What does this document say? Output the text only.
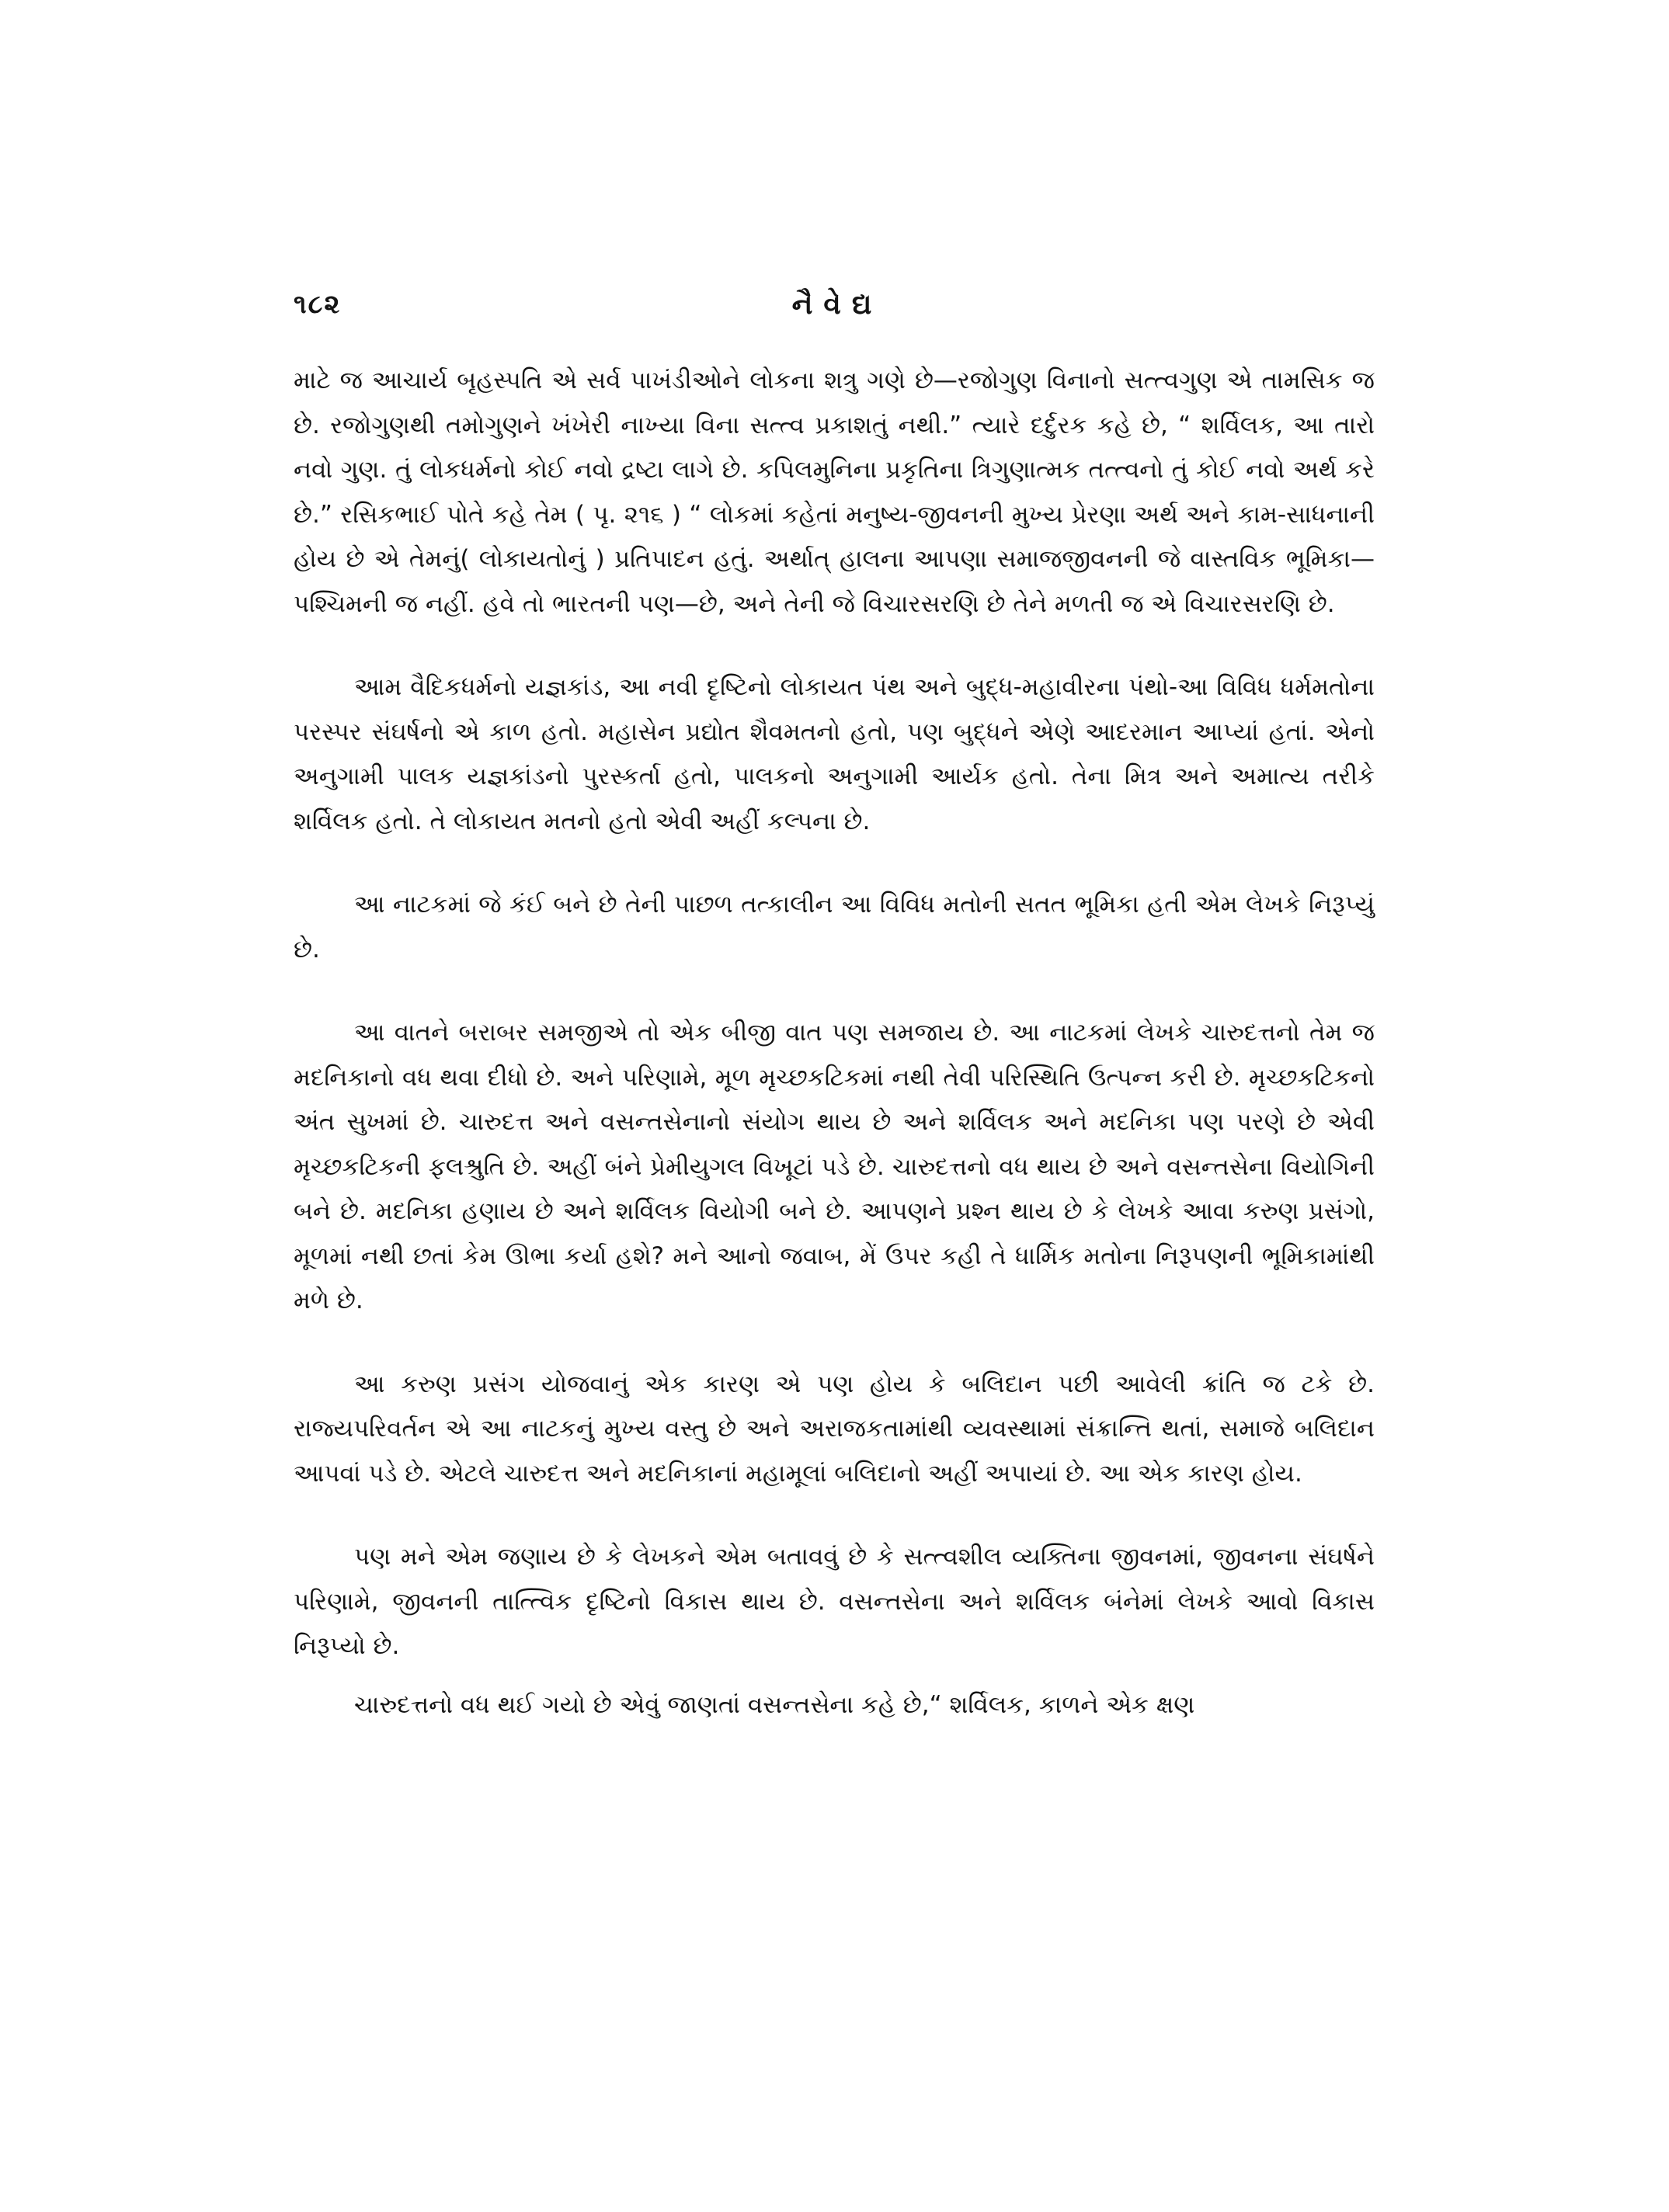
૧૮૨	નૈવેદ્ય

માટે જ આચાર્ય બૃહસ્પતિ એ સર્વ પાખંડીઓને લોકના શત્રુ ગણે છે—રજોગુણ વિનાનો સત્ત્વગુણ એ તામસિક જ છે. રજોગુણથી તમોગુણને ખંખેરી નાખ્યા વિના સત્ત્વ પ્રકાશતું નથી.” ત્યારે દર્દુરક કહે છે, “ શર્વિલક, આ તારો નવો ગુણ. તું લોકધર્મનો કોઈ નવો દ્રષ્ટા લાગે છે. કપિલમુનિના પ્રકૃતિના ત્રિગુણાત્મક તત્ત્વનો તું કોઈ નવો અર્થ કરે છે.” રસિકભાઈ પોતે કહે તેમ ( પૃ. ૨૧૬ ) “ લોકમાં કહેતાં મનુષ્ય-જીવનની મુખ્ય પ્રેરણા અર્થ અને કામ-સાધનાની હોય છે એ તેમનું( લોકાયતોનું ) પ્રતિપાદન હતું. અર્થાત્ હાલના આપણા સમાજજીવનની જે વાસ્તવિક ભૂમિકા—પશ્ચિમની જ નહીં. હવે તો ભારતની પણ—છે, અને તેની જે વિચારસરણિ છે તેને મળતી જ એ વિચારસરણિ છે.

આમ વૈદિકધર્મનો યજ્ઞકાંડ, આ નવી દૃષ્ટિનો લોકાયત પંથ અને બુદ્ધ-મહાવીરના પંથો-આ વિવિધ ધર્મમતોના પરસ્પર સંઘર્ષનો એ કાળ હતો. મહાસેન પ્રદ્યોત શૈવમતનો હતો, પણ બુદ્ધને એણે આદરમાન આપ્યાં હતાં. એનો અનુગામી પાલક યજ્ઞકાંડનો પુરસ્કર્તા હતો, પાલકનો અનુગામી આર્યક હતો. તેના મિત્ર અને અમાત્ય તરીકે શર્વિલક હતો. તે લોકાયત મતનો હતો એવી અહીં કલ્પના છે.

આ નાટકમાં જે કંઈ બને છે તેની પાછળ તત્કાલીન આ વિવિધ મતોની સતત ભૂમિકા હતી એમ લેખકે નિરૂપ્યું છે.

આ વાતને બરાબર સમજીએ તો એક બીજી વાત પણ સમજાય છે. આ નાટકમાં લેખકે ચારુદત્તનો તેમ જ મદનિકાનો વધ થવા દીધો છે. અને પરિણામે, મૂળ મૃચ્છકટિકમાં નથી તેવી પરિસ્થિતિ ઉત્પન્ન કરી છે. મૃચ્છકટિકનો અંત સુખમાં છે. ચારુદત્ત અને વસન્તસેનાનો સંયોગ થાય છે અને શર્વિલક અને મદનિકા પણ પરણે છે એવી મૃચ્છકટિકની ફલશ્રુતિ છે. અહીં બંને પ્રેમીયુગલ વિખૂટાં પડે છે. ચારુદત્તનો વધ થાય છે અને વસન્તસેના વિયોગિની બને છે. મદનિકા હણાય છે અને શર્વિલક વિયોગી બને છે. આપણને પ્રશ્ન થાય છે કે લેખકે આવા કરુણ પ્રસંગો, મૂળમાં નથી છતાં કેમ ઊભા કર્યા હશે? મને આનો જવાબ, મેં ઉપર કહી તે ધાર્મિક મતોના નિરૂપણની ભૂમિકામાંથી મળે છે.

આ કરુણ પ્રસંગ યોજવાનું એક કારણ એ પણ હોય કે બલિદાન પછી આવેલી ક્રાંતિ જ ટકે છે. રાજ્યપરિવર્તન એ આ નાટકનું મુખ્ય વસ્તુ છે અને અરાજકતામાંથી વ્યવસ્થામાં સંક્રાન્તિ થતાં, સમાજે બલિદાન આપવાં પડે છે. એટલે ચારુદત્ત અને મદનિકાનાં મહામૂલાં બલિદાનો અહીં અપાયાં છે. આ એક કારણ હોય.

પણ મને એમ જણાય છે કે લેખકને એમ બતાવવું છે કે સત્ત્વશીલ વ્યક્તિના જીવનમાં, જીવનના સંઘર્ષને પરિણામે, જીવનની તાત્ત્વિક દૃષ્ટિનો વિકાસ થાય છે. વસન્તસેના અને શર્વિલક બંનેમાં લેખકે આવો વિકાસ નિરૂપ્યો છે.

ચારુદત્તનો વધ થઈ ગયો છે એવું જાણતાં વસન્તસેના કહે છે,“ શર્વિલક, કાળને એક ક્ષણ
